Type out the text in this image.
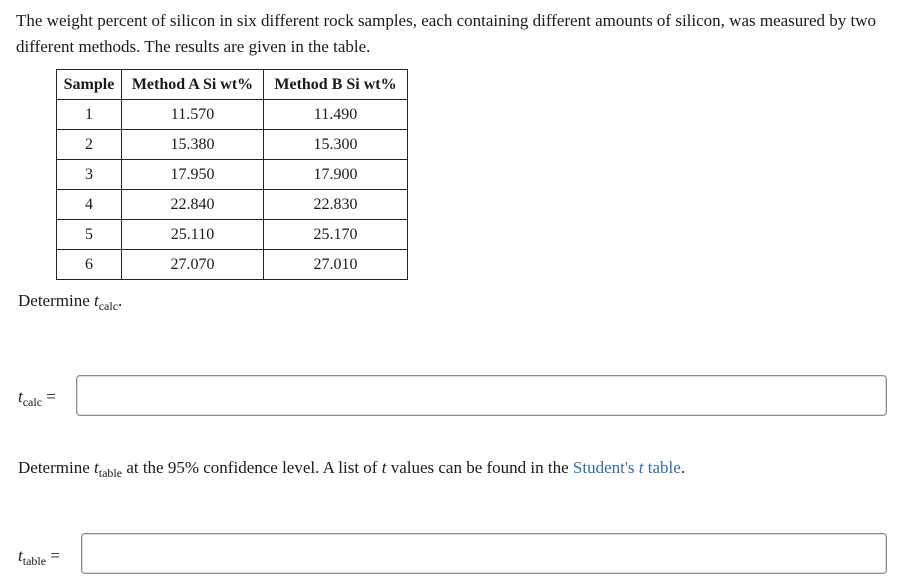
The weight percent of silicon in six different rock samples, each containing different amounts of silicon, was measured by two different methods. The results are given in the table.

Sample	Method A Si wt%	Method B Si wt%
1	11.570	11.490
2	15.380	15.300
3	17.950	17.900
4	22.840	22.830
5	25.110	25.170
6	27.070	27.010

Determine $t_{calc}$.

$t_{calc}$ =

Determine $t_{table}$ at the 95% confidence level. A list of t values can be found in the Student's t table.

$t_{table}$ =
